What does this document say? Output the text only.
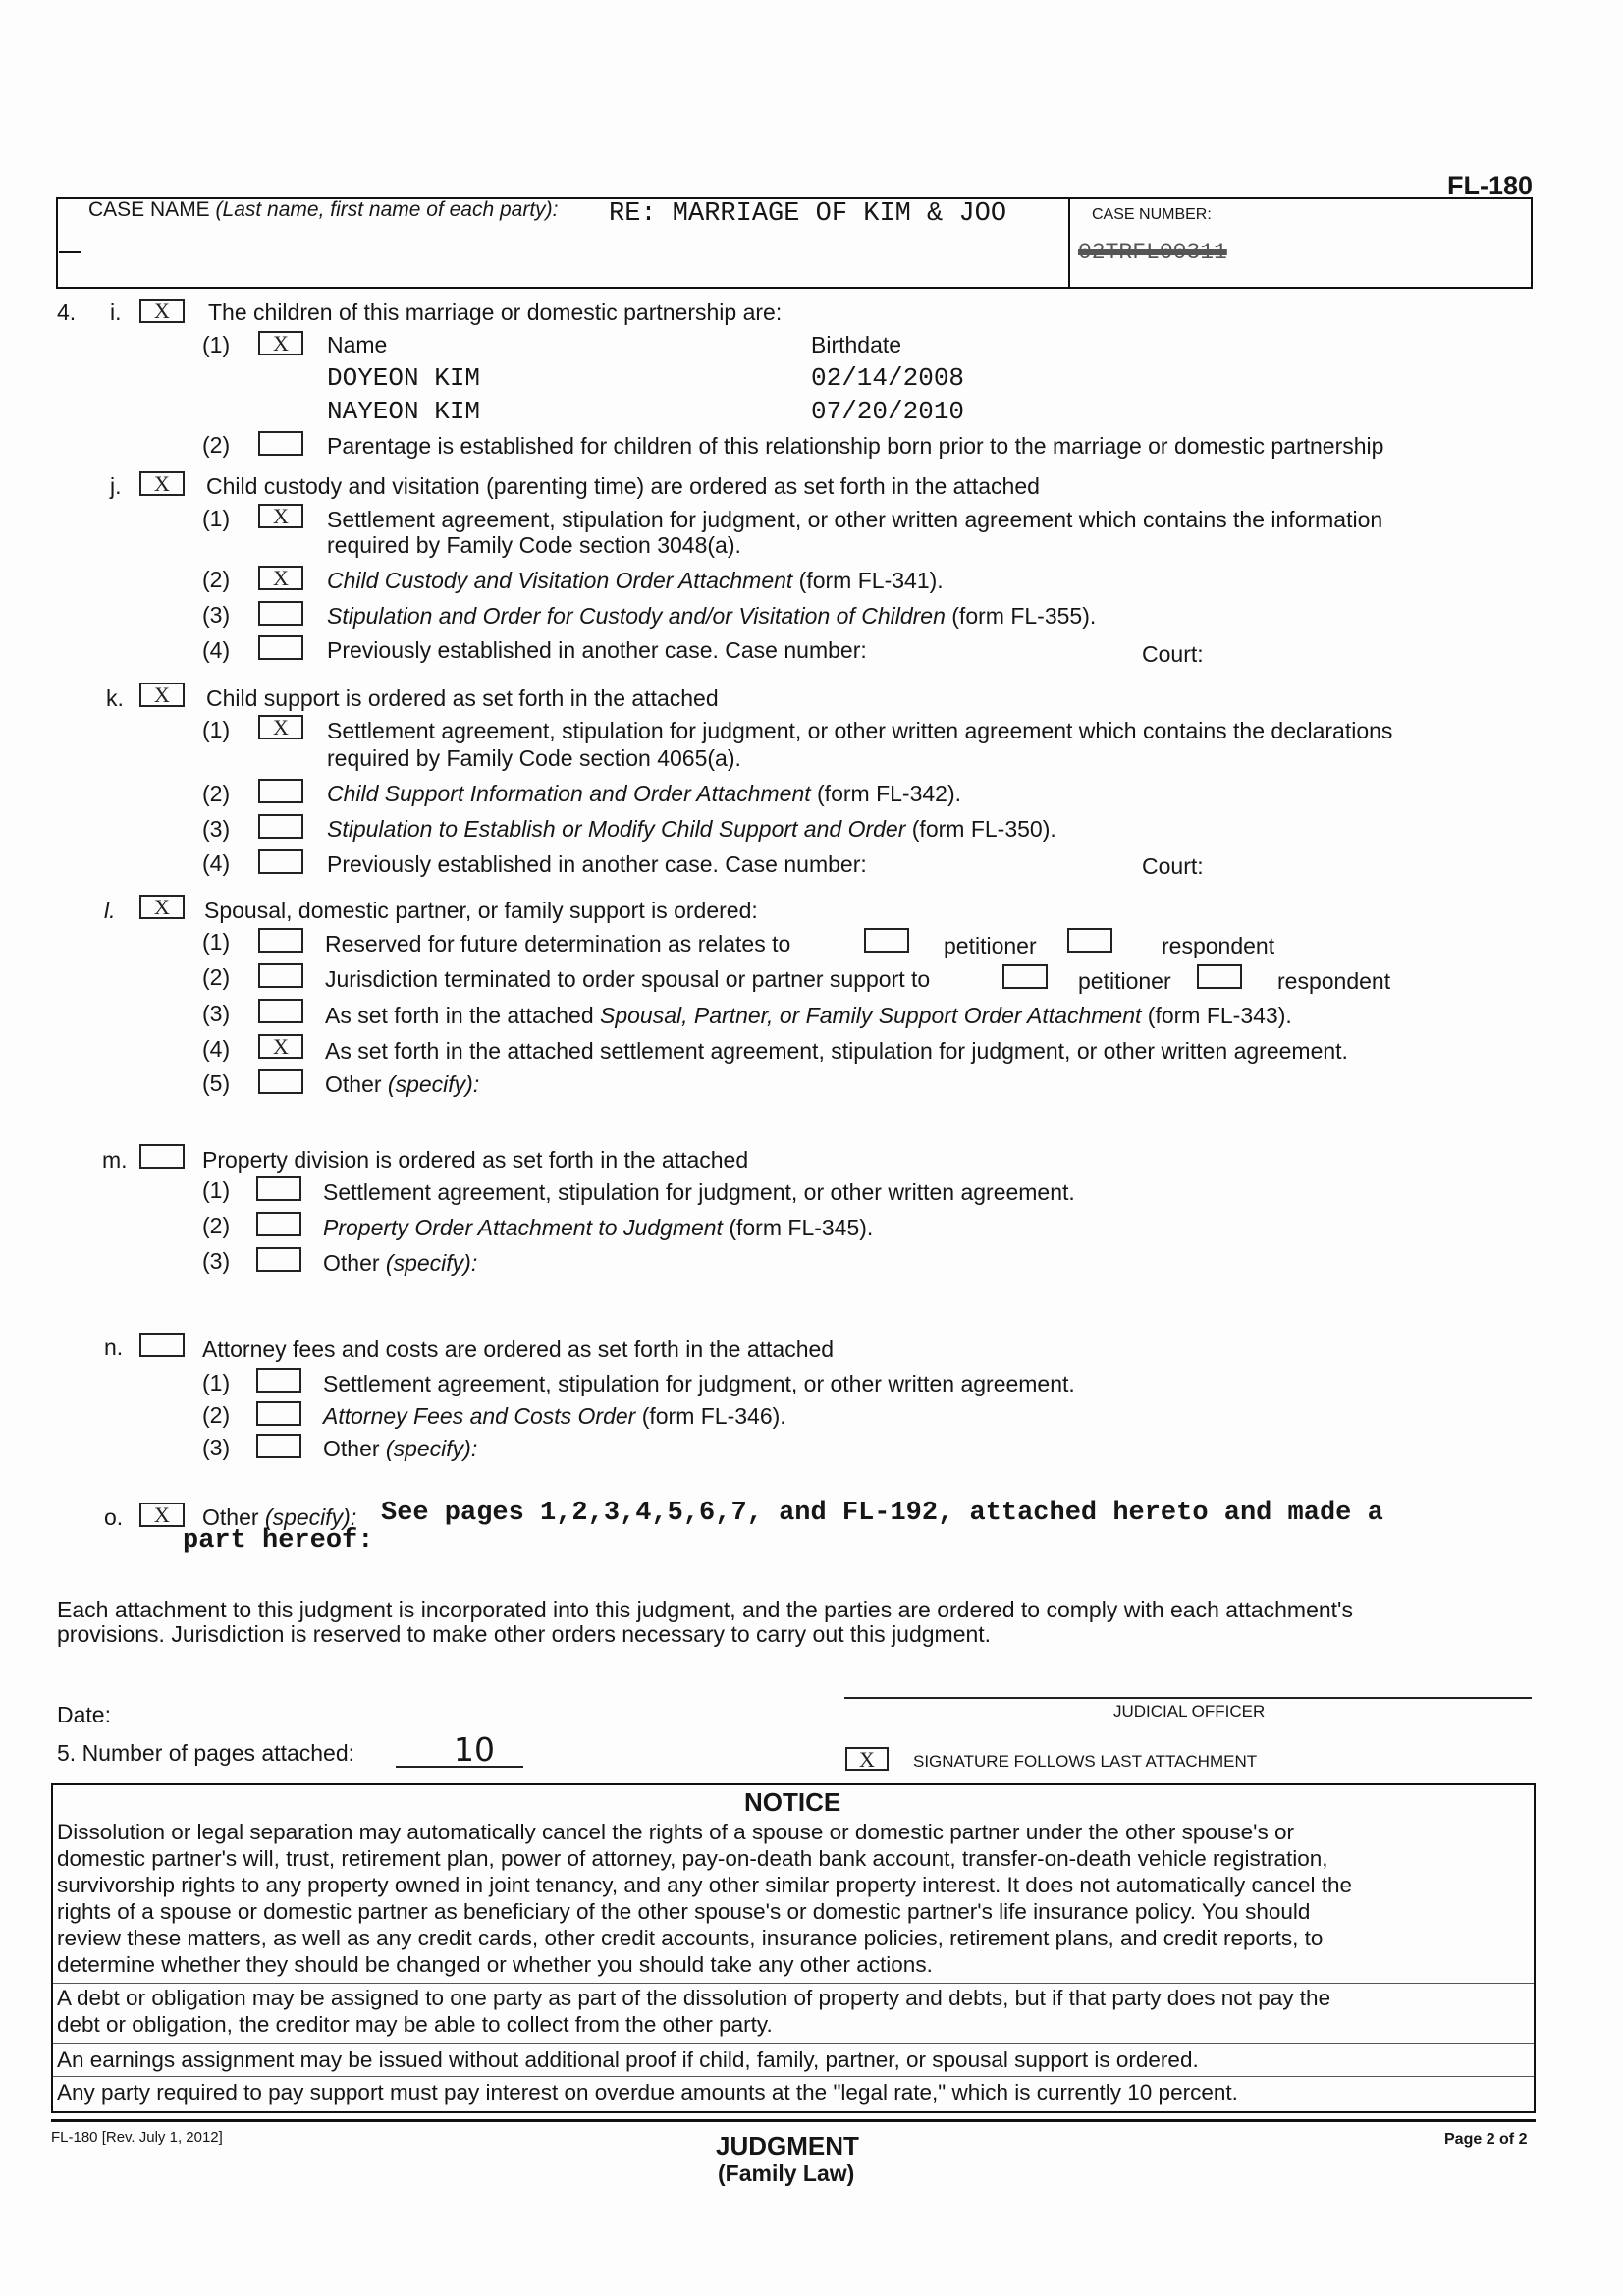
FL-180
CASE NAME (Last name, first name of each party): RE: MARRIAGE OF KIM & JOO	CASE NUMBER:
02TRFL00311
4. i.	X	The children of this marriage or domestic partnership are:
(1)	X	Name	Birthdate
DOYEON KIM	02/14/2008
NAYEON KIM	07/20/2010
(2)	Parentage is established for children of this relationship born prior to the marriage or domestic partnership
j.	X	Child custody and visitation (parenting time) are ordered as set forth in the attached
(1)	X	Settlement agreement, stipulation for judgment, or other written agreement which contains the information
required by Family Code section 3048(a).
(2)	X	Child Custody and Visitation Order Attachment (form FL-341).
(3)	Stipulation and Order for Custody and/or Visitation of Children (form FL-355).
(4)	Previously established in another case. Case number:	Court:
k.	X	Child support is ordered as set forth in the attached
(1)	X	Settlement agreement, stipulation for judgment, or other written agreement which contains the declarations
required by Family Code section 4065(a).
(2)	Child Support Information and Order Attachment (form FL-342).
(3)	Stipulation to Establish or Modify Child Support and Order (form FL-350).
(4)	Previously established in another case. Case number:	Court:
l.	X	Spousal, domestic partner, or family support is ordered:
(1)	Reserved for future determination as relates to	petitioner	respondent
(2)	Jurisdiction terminated to order spousal or partner support to	petitioner	respondent
(3)	As set forth in the attached Spousal, Partner, or Family Support Order Attachment (form FL-343).
(4)	X	As set forth in the attached settlement agreement, stipulation for judgment, or other written agreement.
(5)	Other (specify):
m.	Property division is ordered as set forth in the attached
(1)	Settlement agreement, stipulation for judgment, or other written agreement.
(2)	Property Order Attachment to Judgment (form FL-345).
(3)	Other (specify):
n.	Attorney fees and costs are ordered as set forth in the attached
(1)	Settlement agreement, stipulation for judgment, or other written agreement.
(2)	Attorney Fees and Costs Order (form FL-346).
(3)	Other (specify):
o.	X	Other (specify): See pages 1,2,3,4,5,6,7, and FL-192, attached hereto and made a
part hereof:
Each attachment to this judgment is incorporated into this judgment, and the parties are ordered to comply with each attachment's
provisions. Jurisdiction is reserved to make other orders necessary to carry out this judgment.
Date:	JUDICIAL OFFICER
5. Number of pages attached:	10	X	SIGNATURE FOLLOWS LAST ATTACHMENT
NOTICE
Dissolution or legal separation may automatically cancel the rights of a spouse or domestic partner under the other spouse's or
domestic partner's will, trust, retirement plan, power of attorney, pay-on-death bank account, transfer-on-death vehicle registration,
survivorship rights to any property owned in joint tenancy, and any other similar property interest. It does not automatically cancel the
rights of a spouse or domestic partner as beneficiary of the other spouse's or domestic partner's life insurance policy. You should
review these matters, as well as any credit cards, other credit accounts, insurance policies, retirement plans, and credit reports, to
determine whether they should be changed or whether you should take any other actions.
A debt or obligation may be assigned to one party as part of the dissolution of property and debts, but if that party does not pay the
debt or obligation, the creditor may be able to collect from the other party.
An earnings assignment may be issued without additional proof if child, family, partner, or spousal support is ordered.
Any party required to pay support must pay interest on overdue amounts at the "legal rate," which is currently 10 percent.
FL-180 [Rev. July 1, 2012]	JUDGMENT
(Family Law)
Page 2 of 2
